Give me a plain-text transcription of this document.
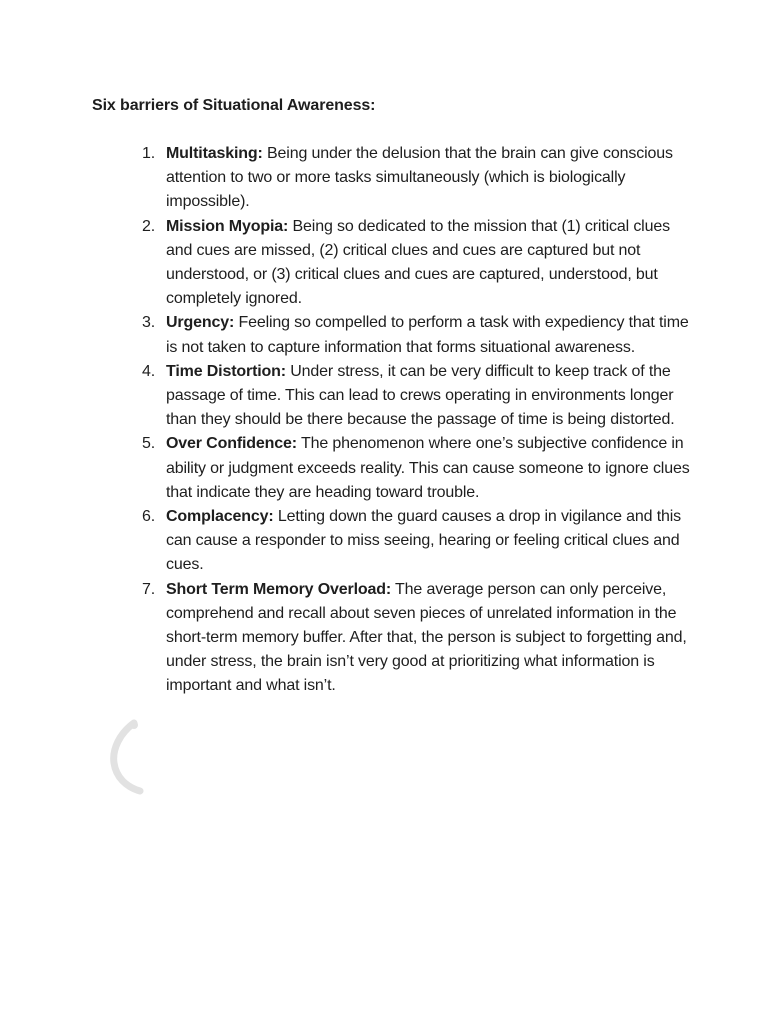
Six barriers of Situational Awareness:
1. Multitasking: Being under the delusion that the brain can give conscious attention to two or more tasks simultaneously (which is biologically impossible).
2. Mission Myopia: Being so dedicated to the mission that (1) critical clues and cues are missed, (2) critical clues and cues are captured but not understood, or (3) critical clues and cues are captured, understood, but completely ignored.
3. Urgency: Feeling so compelled to perform a task with expediency that time is not taken to capture information that forms situational awareness.
4. Time Distortion: Under stress, it can be very difficult to keep track of the passage of time. This can lead to crews operating in environments longer than they should be there because the passage of time is being distorted.
5. Over Confidence: The phenomenon where one’s subjective confidence in ability or judgment exceeds reality. This can cause someone to ignore clues that indicate they are heading toward trouble.
6. Complacency: Letting down the guard causes a drop in vigilance and this can cause a responder to miss seeing, hearing or feeling critical clues and cues.
7. Short Term Memory Overload: The average person can only perceive, comprehend and recall about seven pieces of unrelated information in the short-term memory buffer. After that, the person is subject to forgetting and, under stress, the brain isn’t very good at prioritizing what information is important and what isn’t.
